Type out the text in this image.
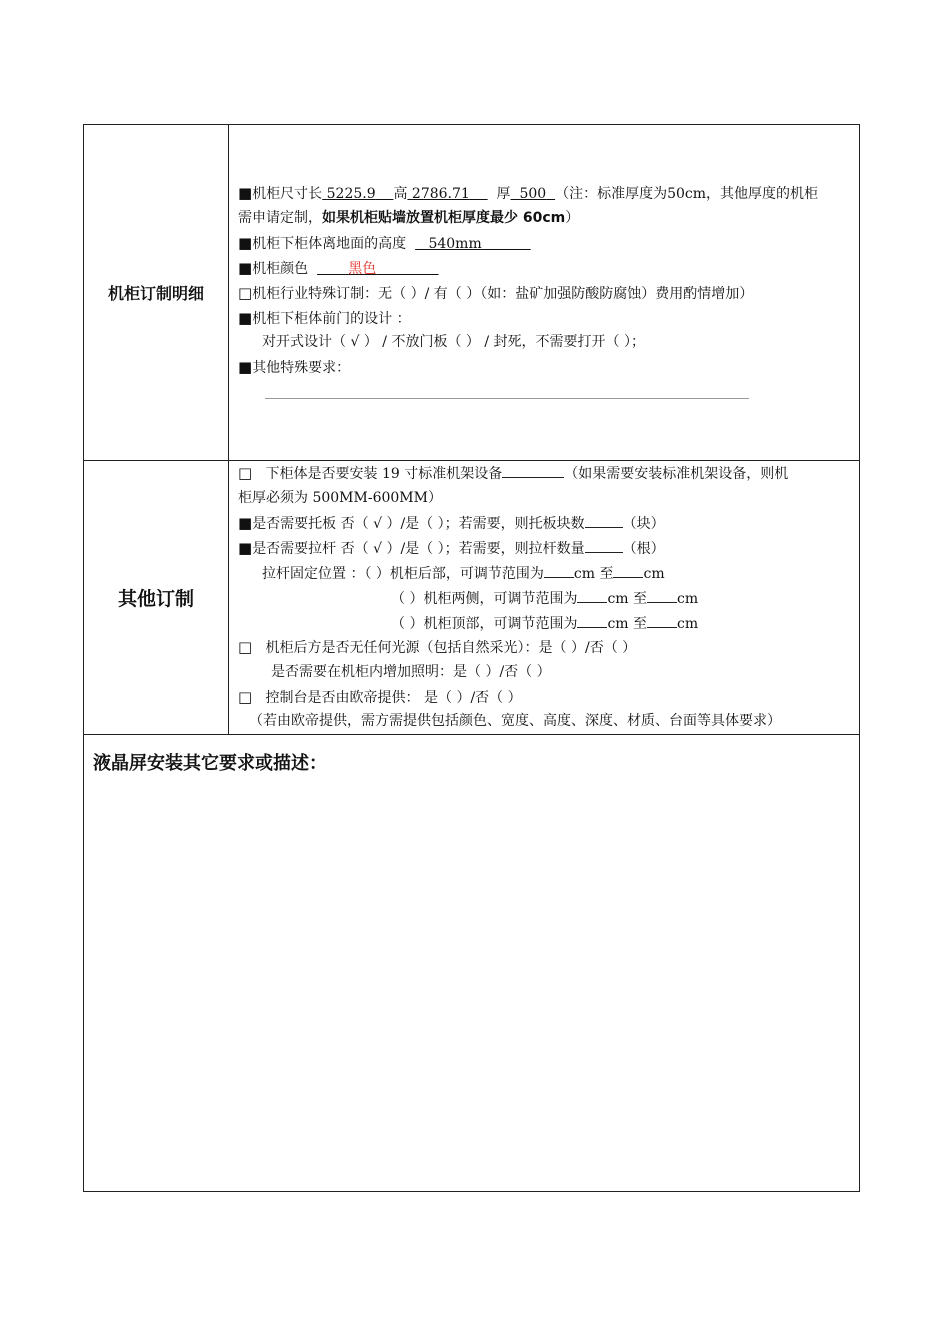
机柜订制明细
■机柜尺寸长 5225.9 高 2786.71 厚 500 （注：标准厚度为50cm，其他厚度的机柜
需申请定制，如果机柜贴墙放置机柜厚度最少 60cm）
■机柜下柜体离地面的高度 540mm
■机柜颜色	黑色
□机柜行业特殊订制：无（ ）/ 有（ ）（如：盐矿加强防酸防腐蚀）费用酌情增加）
■机柜下柜体前门的设计 ：
对开式设计（ √ ） / 不放门板（ ） / 封死，不需要打开（ ）；
■其他特殊要求：
其他订制
□ 下柜体是否要安装 19 寸标准机架设备	（如果需要安装标准机架设备，则机
柜厚必须为 500MM-600MM）
■是否需要托板 否（ √ ）/是（ ）；若需要，则托板块数	（块）
■是否需要拉杆 否（ √ ）/是（ ）；若需要，则拉杆数量	（根）
拉杆固定位置 ：（ ）机柜后部，可调节范围为 cm 至 cm
（ ）机柜两侧，可调节范围为 cm 至 cm
（ ）机柜顶部，可调节范围为 cm 至 cm
□ 机柜后方是否无任何光源（包括自然采光）：是（ ）/否（ ）
是否需要在机柜内增加照明：是（ ）/否（ ）
□ 控制台是否由欧帝提供： 是（ ）/否（ ）
（若由欧帝提供，需方需提供包括颜色、宽度、高度、深度、材质、台面等具体要求）
液晶屏安装其它要求或描述：
